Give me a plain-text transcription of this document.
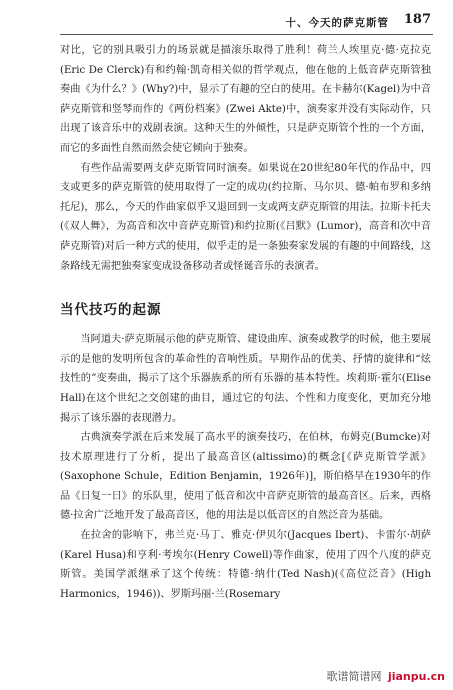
十、今天的萨克斯管 187

对比，它的别具吸引力的场景就是描滚乐取得了胜利！荷兰人埃里克·德·克拉克(Eric De Clerck)有和约翰·凯奇相关似的哲学观点，他在他的上低音萨克斯管独奏曲《为什么？》(Why?)中，显示了有趣的空白的使用。在卡赫尔(Kagel)为中音萨克斯管和竖琴而作的《两份档案》(Zwei Akte)中，演奏家并没有实际动作，只出现了该音乐中的戏剧表演。这种天生的外倾性，只是萨克斯管个性的一个方面，而它的多面性自然而然会使它倾向于独奏。

有些作品需要两支萨克斯管同时演奏。如果说在20世纪80年代的作品中，四支或更多的萨克斯管的使用取得了一定的成功(约拉斯、马尔贝、德·帕布罗和多纳托尼)，那么，今天的作曲家似乎又退回到一支或两支萨克斯管的用法。拉斯卡托夫(《双人舞》，为高音和次中音萨克斯管)和约拉斯(《吕默》(Lumor)，高音和次中音萨克斯管)对后一种方式的使用，似乎走的是一条独奏家发展的有趣的中间路线，这条路线无需把独奏家变成设备移动者或怪诞音乐的表演者。

当代技巧的起源

当阿道夫·萨克斯展示他的萨克斯管、建设曲库、演奏或教学的时候，他主要展示的是他的发明所包含的革命性的音响性质。早期作品的优美、抒情的旋律和“炫技性的”变奏曲，揭示了这个乐器族系的所有乐器的基本特性。埃莉斯·霍尔(Elise Hall)在这个世纪之交创建的曲目，通过它的句法、个性和力度变化，更加充分地揭示了该乐器的表现潜力。

古典演奏学派在后来发展了高水平的演奏技巧，在伯林，布姆克(Bumcke)对技术原理进行了分析，提出了最高音区(altissimo)的概念[《萨克斯管学派》(Saxophone Schule，Edition Benjamin，1926年)]，斯伯格早在1930年的作品《日复一日》的乐队里，使用了低音和次中音萨克斯管的最高音区。后来，西格德·拉舍广泛地开发了最高音区，他的用法是以低音区的自然泛音为基础。

在拉舍的影响下，弗兰克·马丁、雅克·伊贝尔(Jacques Ibert)、卡雷尔·胡萨(Karel Husa)和亨利·考埃尔(Henry Cowell)等作曲家，使用了四个八度的萨克斯管。美国学派继承了这个传统：特德·纳什(Ted Nash)(《高位泛音》(High Harmonics，1946))、罗斯玛丽·兰(Rosemary

歌谱简谱网 jianpu.cn
